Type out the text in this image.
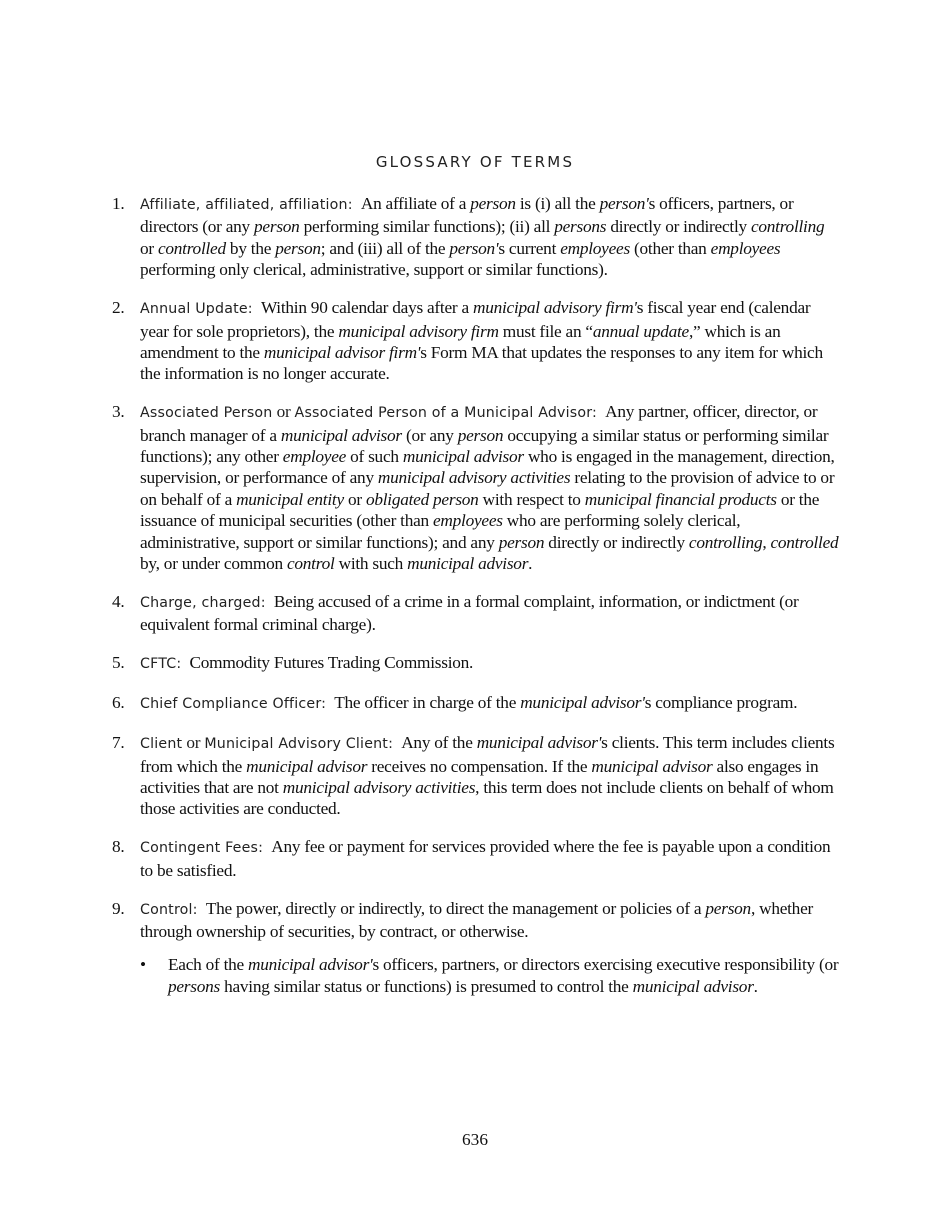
GLOSSARY OF TERMS
1. Affiliate, affiliated, affiliation: An affiliate of a person is (i) all the person's officers, partners, or directors (or any person performing similar functions); (ii) all persons directly or indirectly controlling or controlled by the person; and (iii) all of the person's current employees (other than employees performing only clerical, administrative, support or similar functions).
2. Annual Update: Within 90 calendar days after a municipal advisory firm's fiscal year end (calendar year for sole proprietors), the municipal advisory firm must file an “annual update,” which is an amendment to the municipal advisor firm's Form MA that updates the responses to any item for which the information is no longer accurate.
3. Associated Person or Associated Person of a Municipal Advisor: Any partner, officer, director, or branch manager of a municipal advisor (or any person occupying a similar status or performing similar functions); any other employee of such municipal advisor who is engaged in the management, direction, supervision, or performance of any municipal advisory activities relating to the provision of advice to or on behalf of a municipal entity or obligated person with respect to municipal financial products or the issuance of municipal securities (other than employees who are performing solely clerical, administrative, support or similar functions); and any person directly or indirectly controlling, controlled by, or under common control with such municipal advisor.
4. Charge, charged: Being accused of a crime in a formal complaint, information, or indictment (or equivalent formal criminal charge).
5. CFTC: Commodity Futures Trading Commission.
6. Chief Compliance Officer: The officer in charge of the municipal advisor's compliance program.
7. Client or Municipal Advisory Client: Any of the municipal advisor's clients. This term includes clients from which the municipal advisor receives no compensation. If the municipal advisor also engages in activities that are not municipal advisory activities, this term does not include clients on behalf of whom those activities are conducted.
8. Contingent Fees: Any fee or payment for services provided where the fee is payable upon a condition to be satisfied.
9. Control: The power, directly or indirectly, to direct the management or policies of a person, whether through ownership of securities, by contract, or otherwise.
• Each of the municipal advisor's officers, partners, or directors exercising executive responsibility (or persons having similar status or functions) is presumed to control the municipal advisor.
636
